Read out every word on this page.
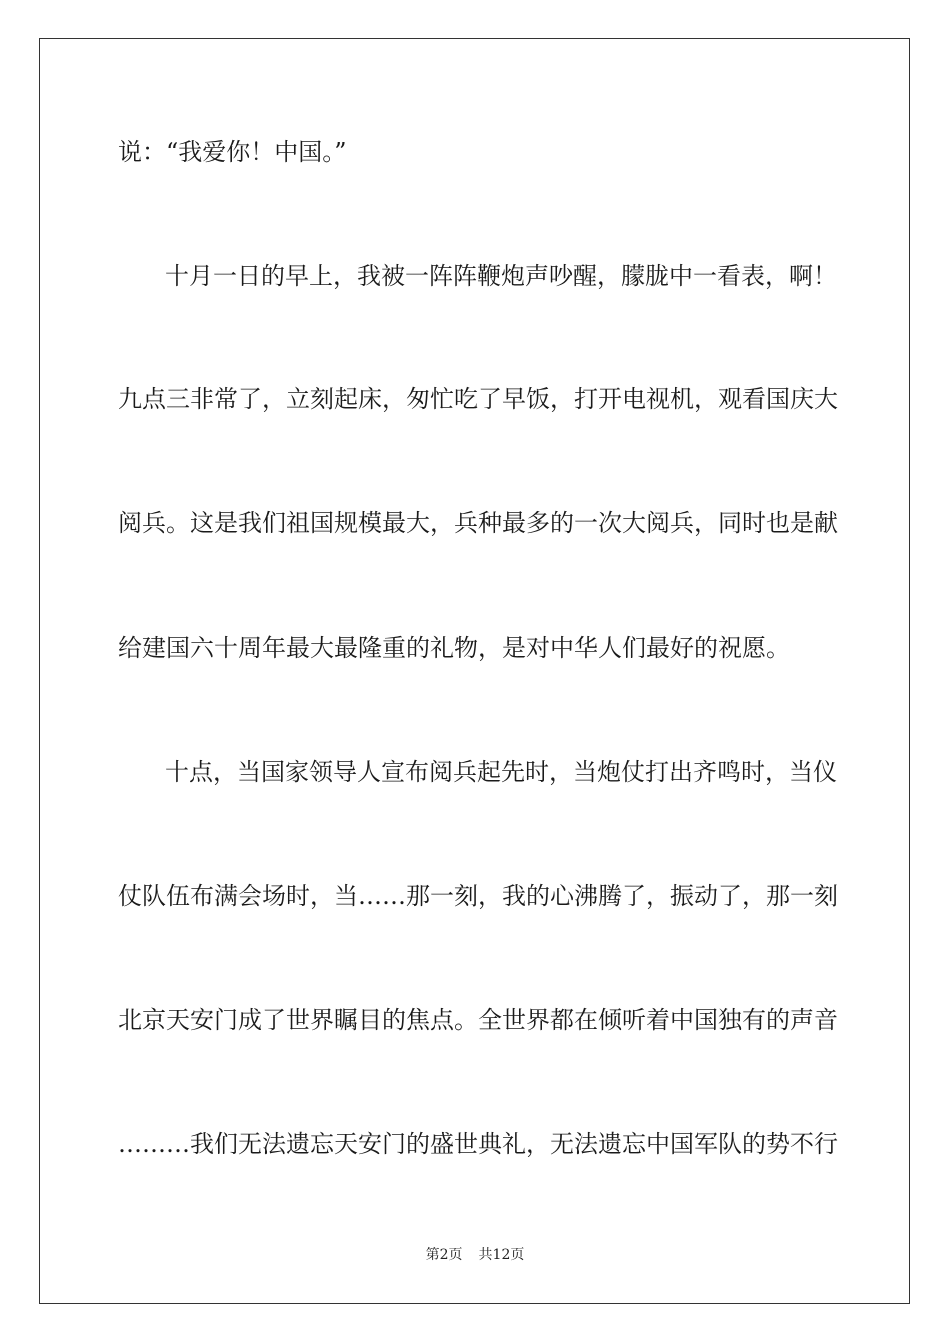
说：“我爱你！中国。”
十月一日的早上，我被一阵阵鞭炮声吵醒，朦胧中一看表，啊！
九点三非常了，立刻起床，匆忙吃了早饭，打开电视机，观看国庆大
阅兵。这是我们祖国规模最大，兵种最多的一次大阅兵，同时也是献
给建国六十周年最大最隆重的礼物，是对中华人们最好的祝愿。
十点，当国家领导人宣布阅兵起先时，当炮仗打出齐鸣时，当仪
仗队伍布满会场时，当……那一刻，我的心沸腾了，振动了，那一刻
北京天安门成了世界瞩目的焦点。全世界都在倾听着中国独有的声音
………我们无法遗忘天安门的盛世典礼，无法遗忘中国军队的势不行
第2页 共12页
